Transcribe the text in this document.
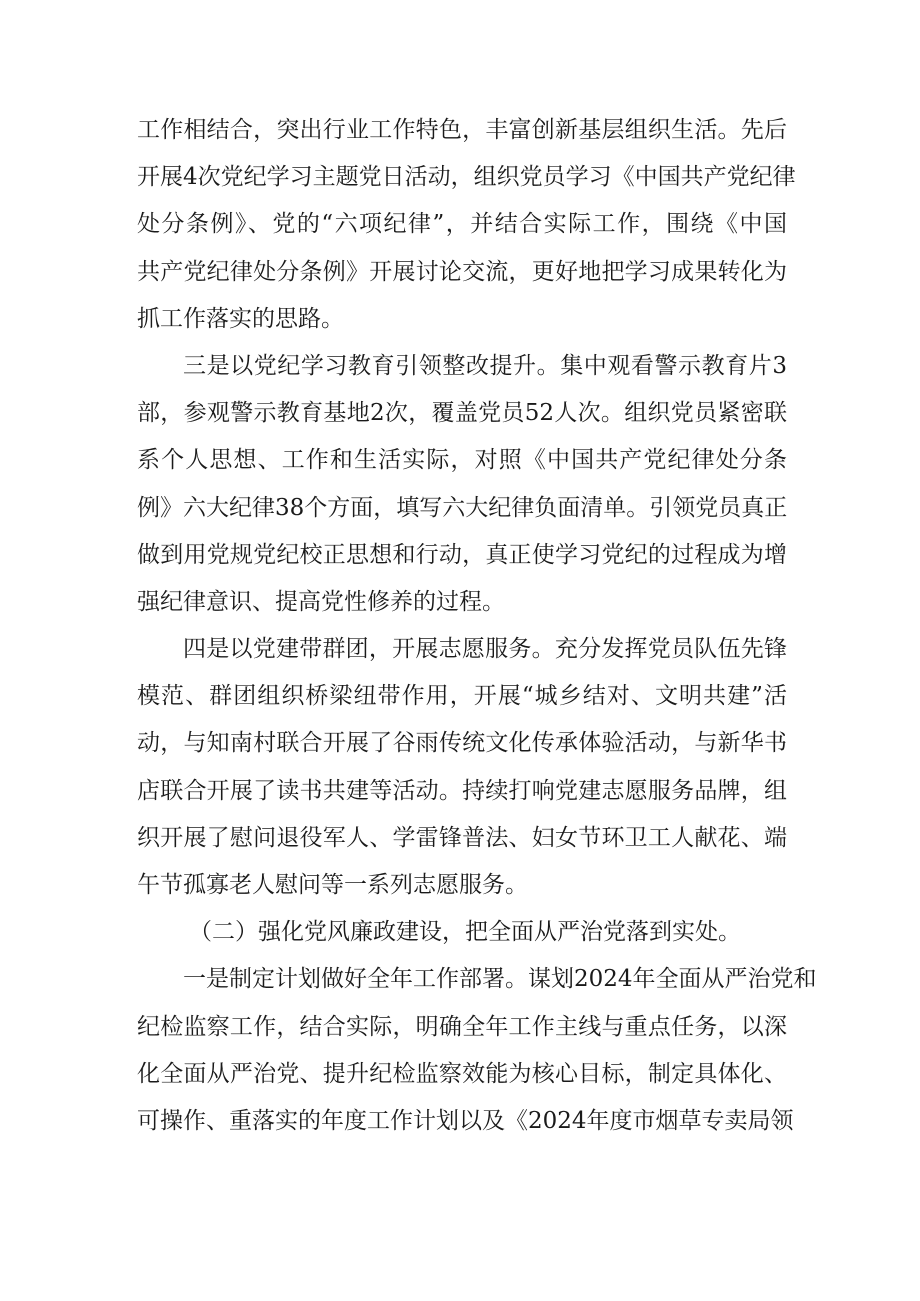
工作相结合，突出行业工作特色，丰富创新基层组织生活。先后
开展4次党纪学习主题党日活动，组织党员学习《中国共产党纪律
处分条例》、党的“六项纪律”，并结合实际工作，围绕《中国
共产党纪律处分条例》开展讨论交流，更好地把学习成果转化为
抓工作落实的思路。
三是以党纪学习教育引领整改提升。集中观看警示教育片3
部，参观警示教育基地2次，覆盖党员52人次。组织党员紧密联
系个人思想、工作和生活实际，对照《中国共产党纪律处分条
例》六大纪律38个方面，填写六大纪律负面清单。引领党员真正
做到用党规党纪校正思想和行动，真正使学习党纪的过程成为增
强纪律意识、提高党性修养的过程。
四是以党建带群团，开展志愿服务。充分发挥党员队伍先锋
模范、群团组织桥梁纽带作用，开展“城乡结对、文明共建”活
动，与知南村联合开展了谷雨传统文化传承体验活动，与新华书
店联合开展了读书共建等活动。持续打响党建志愿服务品牌，组
织开展了慰问退役军人、学雷锋普法、妇女节环卫工人献花、端
午节孤寡老人慰问等一系列志愿服务。
（二）强化党风廉政建设，把全面从严治党落到实处。
一是制定计划做好全年工作部署。谋划2024年全面从严治党和
纪检监察工作，结合实际，明确全年工作主线与重点任务，以深
化全面从严治党、提升纪检监察效能为核心目标，制定具体化、
可操作、重落实的年度工作计划以及《2024年度市烟草专卖局领
